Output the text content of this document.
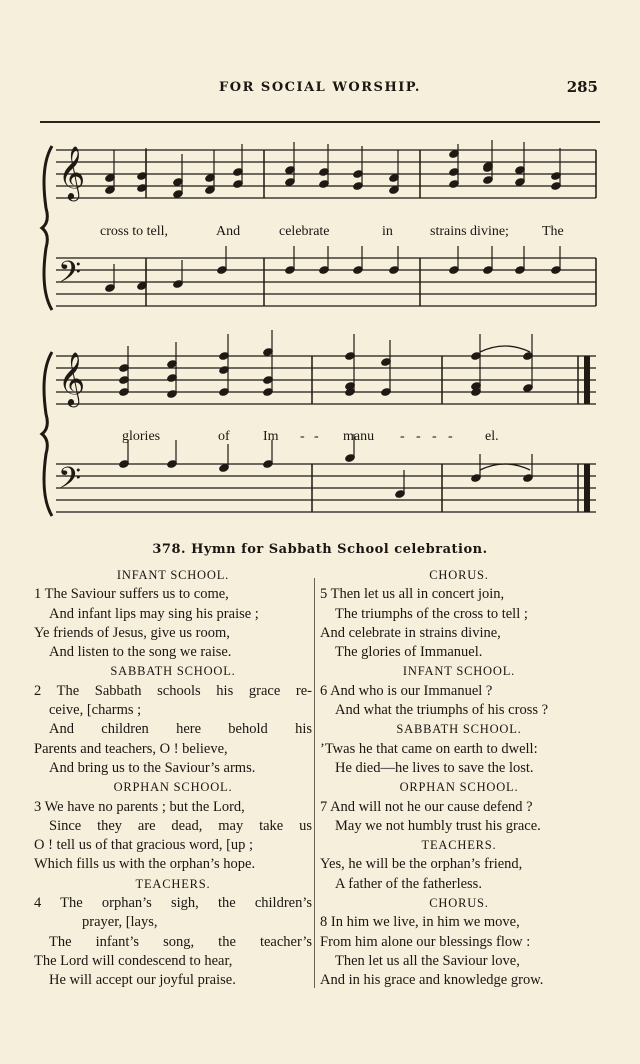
FOR SOCIAL WORSHIP.	285
𝄞
𝄢
𝄞
𝄢
cross to tell,	And	celebrate	in	strains divine; The
glories	of Im - - manu - - - - el.
378. Hymn for Sabbath School celebration.
INFANT SCHOOL.
1 The Saviour suffers us to come,
And infant lips may sing his praise ;
Ye friends of Jesus, give us room,
And listen to the song we raise.
SABBATH SCHOOL.
2 The Sabbath schools his grace re-
ceive, [charms ;
And children here behold his
Parents and teachers, O ! believe,
And bring us to the Saviour’s arms.
ORPHAN SCHOOL.
3 We have no parents ; but the Lord,
Since they are dead, may take us
O ! tell us of that gracious word, [up ;
Which fills us with the orphan’s hope.
TEACHERS.
4 The orphan’s sigh, the children’s
prayer, [lays,
The infant’s song, the teacher’s
The Lord will condescend to hear,
He will accept our joyful praise.
CHORUS.
5 Then let us all in concert join,
The triumphs of the cross to tell ;
And celebrate in strains divine,
The glories of Immanuel.
INFANT SCHOOL.
6 And who is our Immanuel ?
And what the triumphs of his cross ?
SABBATH SCHOOL.
’Twas he that came on earth to dwell:
He died—he lives to save the lost.
ORPHAN SCHOOL.
7 And will not he our cause defend ?
May we not humbly trust his grace.
TEACHERS.
Yes, he will be the orphan’s friend,
A father of the fatherless.
CHORUS.
8 In him we live, in him we move,
From him alone our blessings flow :
Then let us all the Saviour love,
And in his grace and knowledge grow.
